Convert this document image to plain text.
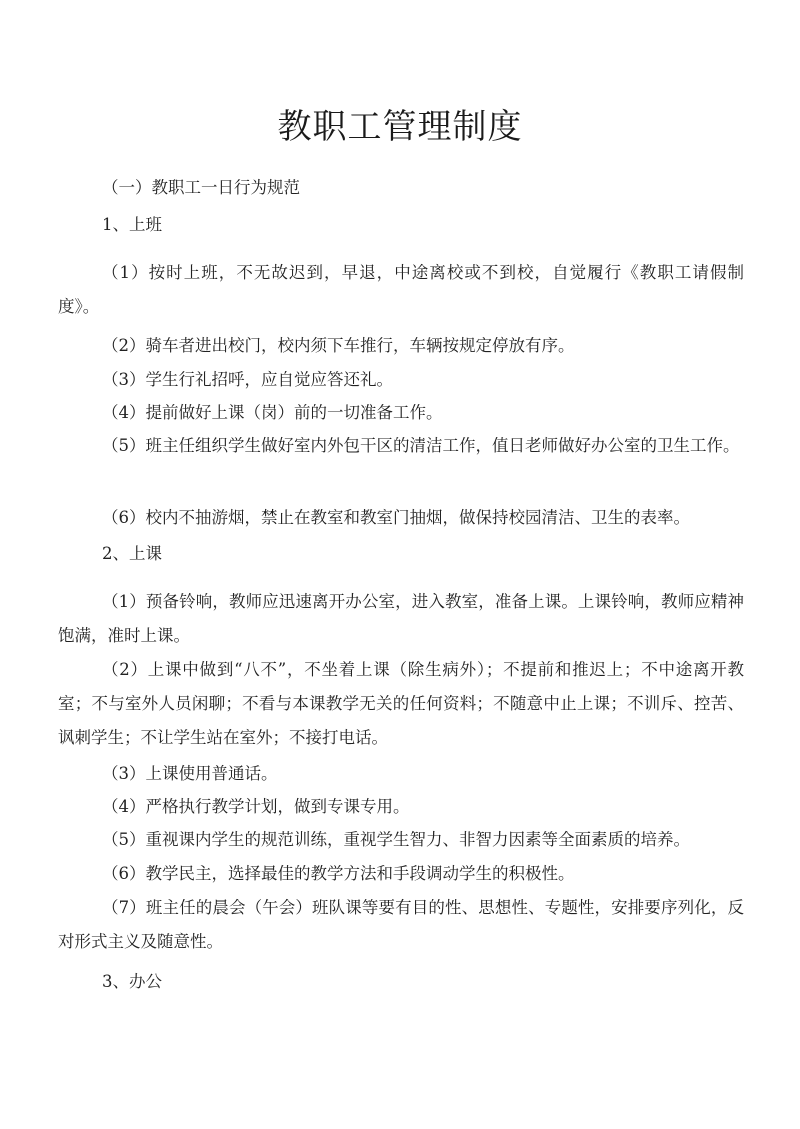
教职工管理制度
（一）教职工一日行为规范
1、上班
（1）按时上班，不无故迟到，早退，中途离校或不到校，自觉履行《教职工请假制度》。
（2）骑车者进出校门，校内须下车推行，车辆按规定停放有序。
（3）学生行礼招呼，应自觉应答还礼。
（4）提前做好上课（岗）前的一切准备工作。
（5）班主任组织学生做好室内外包干区的清洁工作，值日老师做好办公室的卫生工作。
（6）校内不抽游烟，禁止在教室和教室门抽烟，做保持校园清洁、卫生的表率。
2、上课
（1）预备铃响，教师应迅速离开办公室，进入教室，准备上课。上课铃响，教师应精神饱满，准时上课。
（2）上课中做到“八不”，不坐着上课（除生病外）；不提前和推迟上；不中途离开教室；不与室外人员闲聊；不看与本课教学无关的任何资料；不随意中止上课；不训斥、控苦、讽刺学生；不让学生站在室外；不接打电话。
（3）上课使用普通话。
（4）严格执行教学计划，做到专课专用。
（5）重视课内学生的规范训练，重视学生智力、非智力因素等全面素质的培养。
（6）教学民主，选择最佳的教学方法和手段调动学生的积极性。
（7）班主任的晨会（午会）班队课等要有目的性、思想性、专题性，安排要序列化，反对形式主义及随意性。
3、办公
